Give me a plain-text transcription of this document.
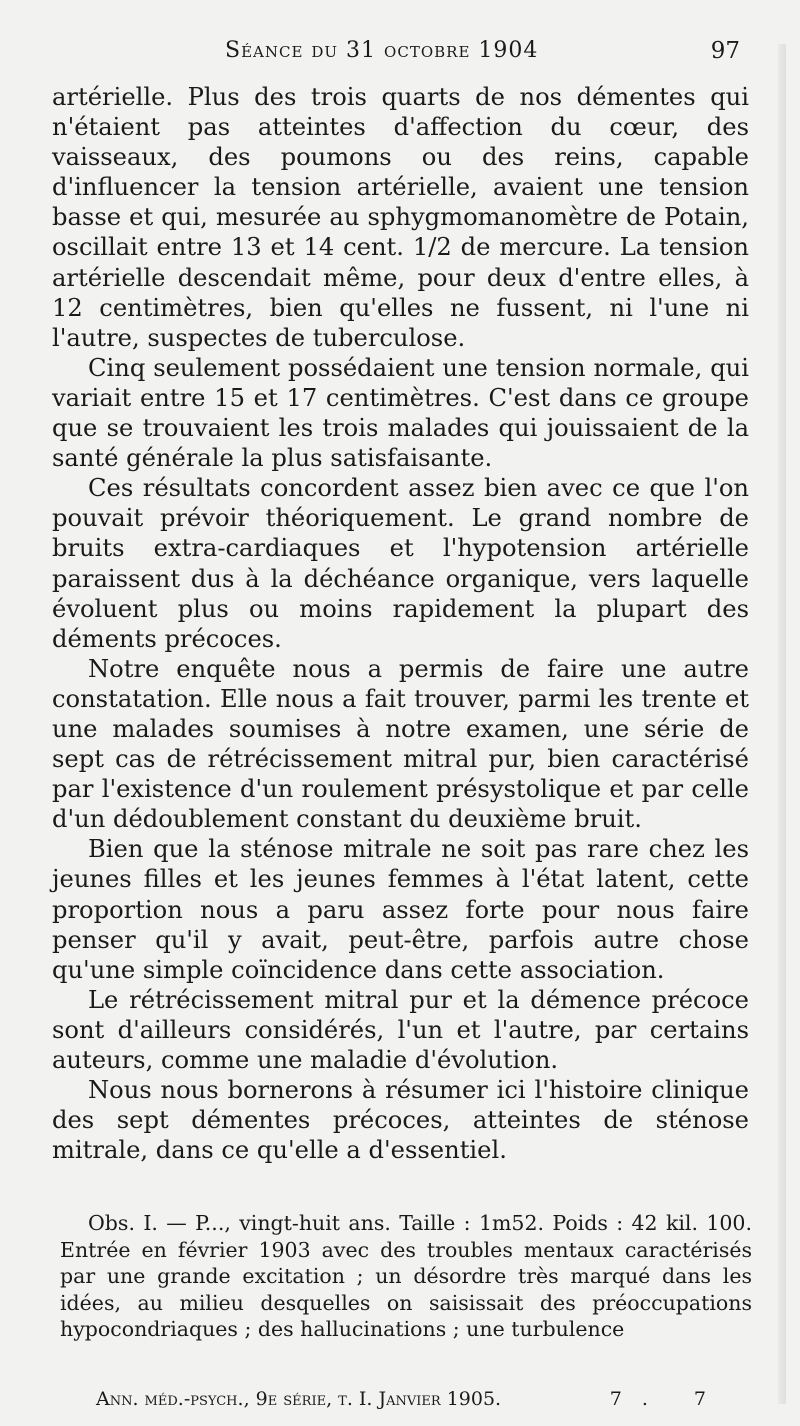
Séance du 31 octobre 1904	97

artérielle. Plus des trois quarts de nos démentes qui n'étaient pas atteintes d'affection du cœur, des vaisseaux, des poumons ou des reins, capable d'influencer la tension artérielle, avaient une tension basse et qui, mesurée au sphygmomanomètre de Potain, oscillait entre 13 et 14 cent. 1/2 de mercure. La tension artérielle descendait même, pour deux d'entre elles, à 12 centimètres, bien qu'elles ne fussent, ni l'une ni l'autre, suspectes de tuberculose.

Cinq seulement possédaient une tension normale, qui variait entre 15 et 17 centimètres. C'est dans ce groupe que se trouvaient les trois malades qui jouissaient de la santé générale la plus satisfaisante.

Ces résultats concordent assez bien avec ce que l'on pouvait prévoir théoriquement. Le grand nombre de bruits extra-cardiaques et l'hypotension artérielle paraissent dus à la déchéance organique, vers laquelle évoluent plus ou moins rapidement la plupart des déments précoces.

Notre enquête nous a permis de faire une autre constatation. Elle nous a fait trouver, parmi les trente et une malades soumises à notre examen, une série de sept cas de rétrécissement mitral pur, bien caractérisé par l'existence d'un roulement présystolique et par celle d'un dédoublement constant du deuxième bruit.

Bien que la sténose mitrale ne soit pas rare chez les jeunes filles et les jeunes femmes à l'état latent, cette proportion nous a paru assez forte pour nous faire penser qu'il y avait, peut-être, parfois autre chose qu'une simple coïncidence dans cette association.

Le rétrécissement mitral pur et la démence précoce sont d'ailleurs considérés, l'un et l'autre, par certains auteurs, comme une maladie d'évolution.

Nous nous bornerons à résumer ici l'histoire clinique des sept démentes précoces, atteintes de sténose mitrale, dans ce qu'elle a d'essentiel.

Obs. I. — P..., vingt-huit ans. Taille : 1m52. Poids : 42 kil. 100. Entrée en février 1903 avec des troubles mentaux caractérisés par une grande excitation ; un désordre très marqué dans les idées, au milieu desquelles on saisissait des préoccupations hypocondriaques ; des hallucinations ; une turbulence

Ann. méd.-psych., 9e série, t. I. Janvier 1905.	7. 7
